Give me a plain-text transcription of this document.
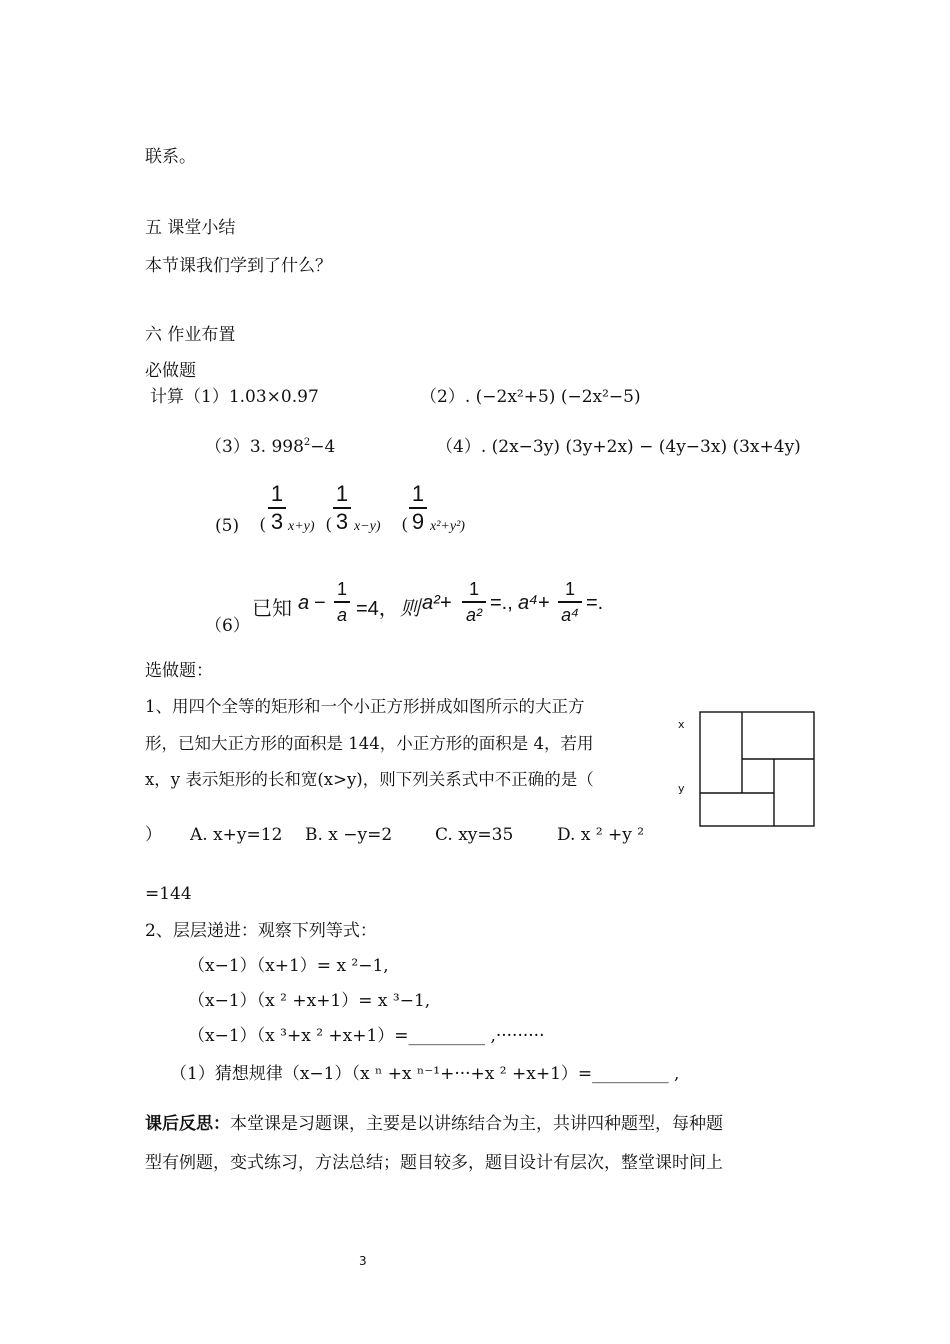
联系。
五 课堂小结
本节课我们学到了什么？
六 作业布置
必做题
计算（1）1.03×0.97	（2）. (−2x²+5) (−2x²−5)
（3）3. $998^2-4$	（4）. (2x−3y) (3y+2x) − (4y−3x) (3x+4y)
(5) (
1
3 x+y) (
1
3 x−y) (
1
9 x²+y²)
（6）
已知 a −
1
a =4， 则 a²+
1
a²
=., a⁴+
1
a⁴
=.
选做题：
1、用四个全等的矩形和一个小正方形拼成如图所示的大正方
形，已知大正方形的面积是 144，小正方形的面积是 4，若用
x，y 表示矩形的长和宽(x>y)，则下列关系式中不正确的是（
） A. x+y=12 B. x −y=2	C. xy=35	D. x ² +y ²
=144
x
y
2、层层递进：观察下列等式：
（x−1）（x+1）= x ²−1,
（x−1）（x ² +x+1）= x ³−1,
（x−1）（x ³+x ² +x+1）=_________ ,·········
（1）猜想规律（x−1）（x ⁿ +x ⁿ⁻¹+···+x ² +x+1）=_________ ,
课后反思：本堂课是习题课，主要是以讲练结合为主，共讲四种题型，每种题
型有例题，变式练习，方法总结；题目较多，题目设计有层次，整堂课时间上
3
